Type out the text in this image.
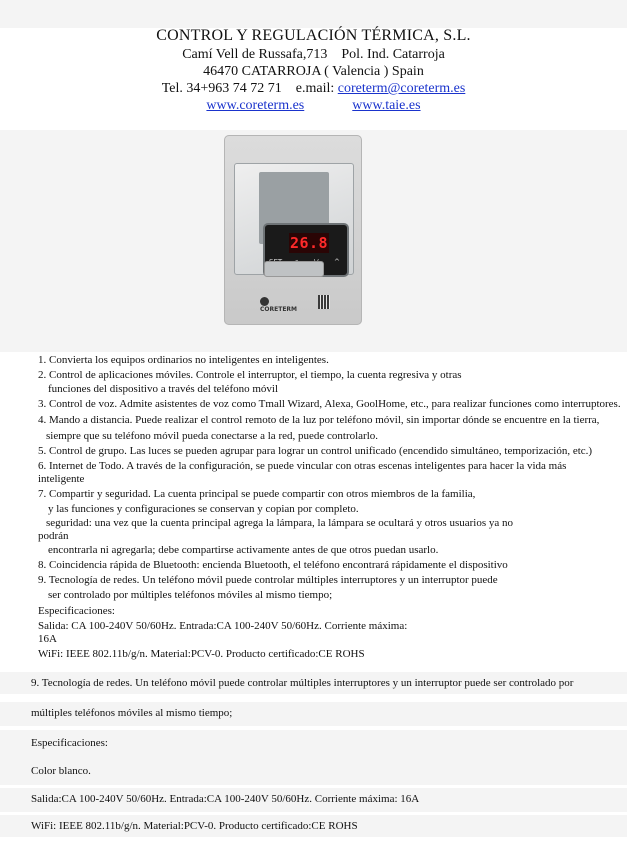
CONTROL Y REGULACIÓN TÉRMICA, S.L.
Camí Vell de Russafa,713 Pol. Ind. Catarroja
46470 CATARROJA ( Valencia ) Spain
Tel. 34+963 74 72 71 e.mail: coreterm@coreterm.es
www.coreterm.es	www.taie.es
26.8
^
CORETERM
1. Convierta los equipos ordinarios no inteligentes en inteligentes.
2. Control de aplicaciones móviles. Controle el interruptor, el tiempo, la cuenta regresiva y otras
funciones del dispositivo a través del teléfono móvil
3. Control de voz. Admite asistentes de voz como Tmall Wizard, Alexa, GoolHome, etc., para realizar funciones como interruptores.
4. Mando a distancia. Puede realizar el control remoto de la luz por teléfono móvil, sin importar dónde se encuentre en la tierra,
siempre que su teléfono móvil pueda conectarse a la red, puede controlarlo.
5. Control de grupo. Las luces se pueden agrupar para lograr un control unificado (encendido simultáneo, temporización, etc.)
6. Internet de Todo. A través de la configuración, se puede vincular con otras escenas inteligentes para hacer la vida más
inteligente
7. Compartir y seguridad. La cuenta principal se puede compartir con otros miembros de la familia,
y las funciones y configuraciones se conservan y copian por completo.
seguridad: una vez que la cuenta principal agrega la lámpara, la lámpara se ocultará y otros usuarios ya no
podrán
encontrarla ni agregarla; debe compartirse activamente antes de que otros puedan usarlo.
8. Coincidencia rápida de Bluetooth: encienda Bluetooth, el teléfono encontrará rápidamente el dispositivo
9. Tecnología de redes. Un teléfono móvil puede controlar múltiples interruptores y un interruptor puede
ser controlado por múltiples teléfonos móviles al mismo tiempo;
Especificaciones:
Salida: CA 100-240V 50/60Hz. Entrada:CA 100-240V 50/60Hz. Corriente máxima:
16A
WiFi: IEEE 802.11b/g/n. Material:PCV-0. Producto certificado:CE ROHS
9. Tecnología de redes. Un teléfono móvil puede controlar múltiples interruptores y un interruptor puede ser controlado por
múltiples teléfonos móviles al mismo tiempo;
Especificaciones:
Color blanco.
Salida:CA 100-240V 50/60Hz. Entrada:CA 100-240V 50/60Hz. Corriente máxima: 16A
WiFi: IEEE 802.11b/g/n. Material:PCV-0. Producto certificado:CE ROHS
